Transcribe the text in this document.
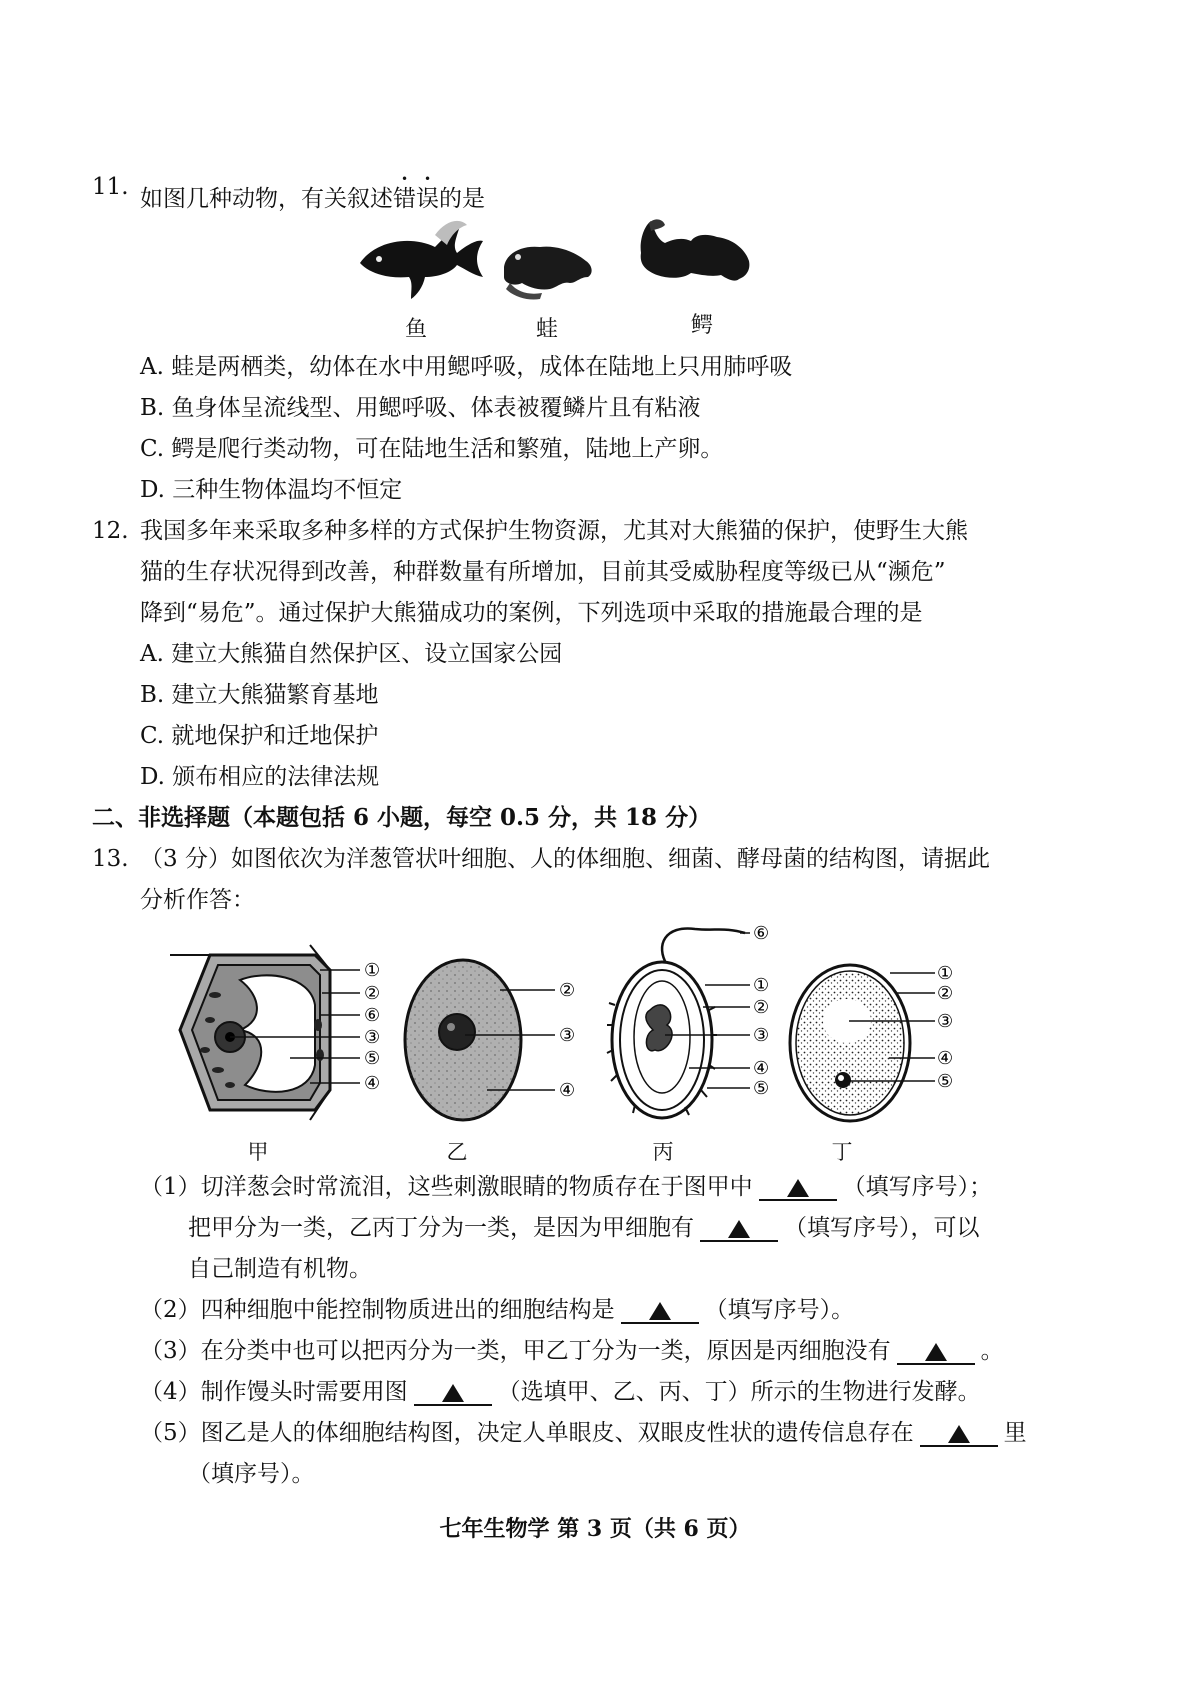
11. 如图几种动物，有关叙述错误的是
鱼	蛙	鳄
A. 蛙是两栖类，幼体在水中用鳃呼吸，成体在陆地上只用肺呼吸
B. 鱼身体呈流线型、用鳃呼吸、体表被覆鳞片且有粘液
C. 鳄是爬行类动物，可在陆地生活和繁殖，陆地上产卵。
D. 三种生物体温均不恒定
12. 我国多年来采取多种多样的方式保护生物资源，尤其对大熊猫的保护，使野生大熊
猫的生存状况得到改善，种群数量有所增加，目前其受威胁程度等级已从“濒危”
降到“易危”。通过保护大熊猫成功的案例，下列选项中采取的措施最合理的是
A. 建立大熊猫自然保护区、设立国家公园
B. 建立大熊猫繁育基地
C. 就地保护和迁地保护
D. 颁布相应的法律法规
二、非选择题（本题包括 6 小题，每空 0.5 分，共 18 分）
13. （3 分）如图依次为洋葱管状叶细胞、人的体细胞、细菌、酵母菌的结构图，请据此
分析作答：
①
②
⑥
③
⑤
④
②
③
④
⑥
①
②
③
④
⑤
①
②
③
④
⑤
甲	乙	丙	丁
（1）切洋葱会时常流泪，这些刺激眼睛的物质存在于图甲中	（填写序号）；
把甲分为一类，乙丙丁分为一类，是因为甲细胞有	（填写序号），可以
自己制造有机物。
（2）四种细胞中能控制物质进出的细胞结构是	（填写序号）。
（3）在分类中也可以把丙分为一类，甲乙丁分为一类，原因是丙细胞没有	。
（4）制作馒头时需要用图	（选填甲、乙、丙、丁）所示的生物进行发酵。
（5）图乙是人的体细胞结构图，决定人单眼皮、双眼皮性状的遗传信息存在	里
（填序号）。
七年生物学 第 3 页（共 6 页）
